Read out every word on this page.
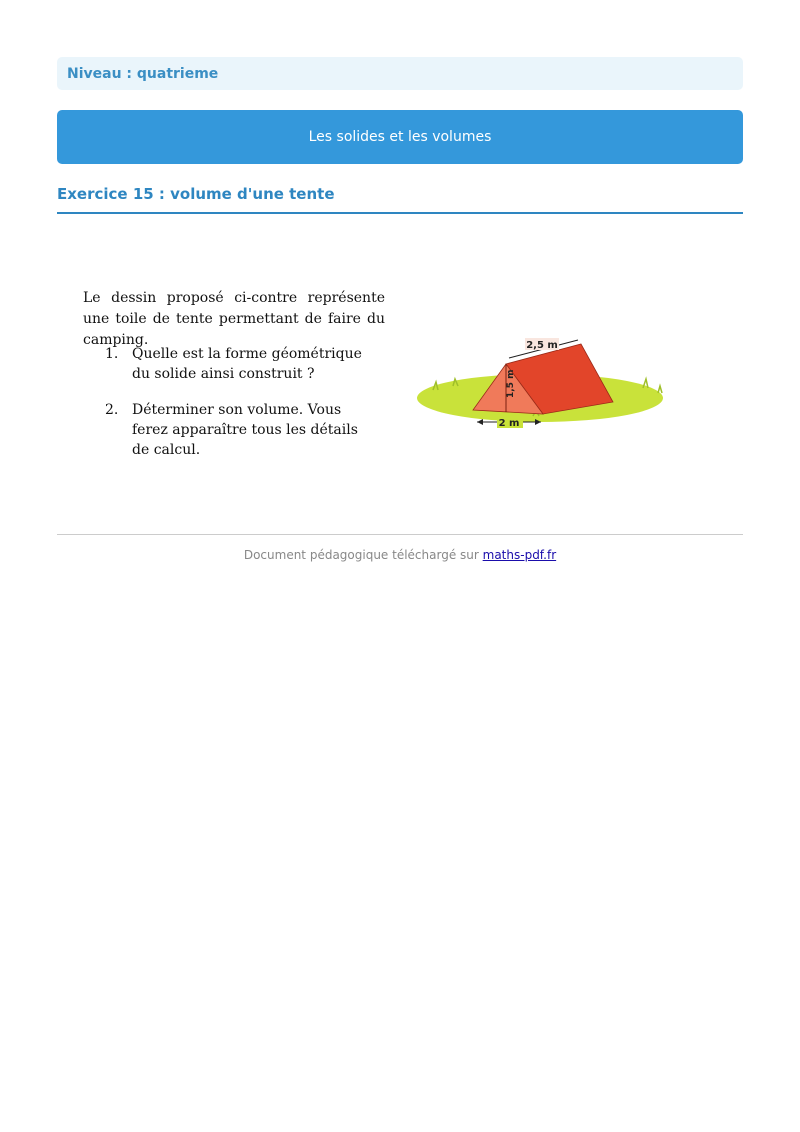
Niveau : quatrieme
Les solides et les volumes
Exercice 15 : volume d'une tente
Le dessin proposé ci-contre représente une toile de tente permettant de faire du camping.
1. Quelle est la forme géométrique du solide ainsi construit ?
2. Déterminer son volume. Vous ferez apparaître tous les détails de calcul.
2,5 m
1,5 m
2 m
Document pédagogique téléchargé sur maths-pdf.fr
